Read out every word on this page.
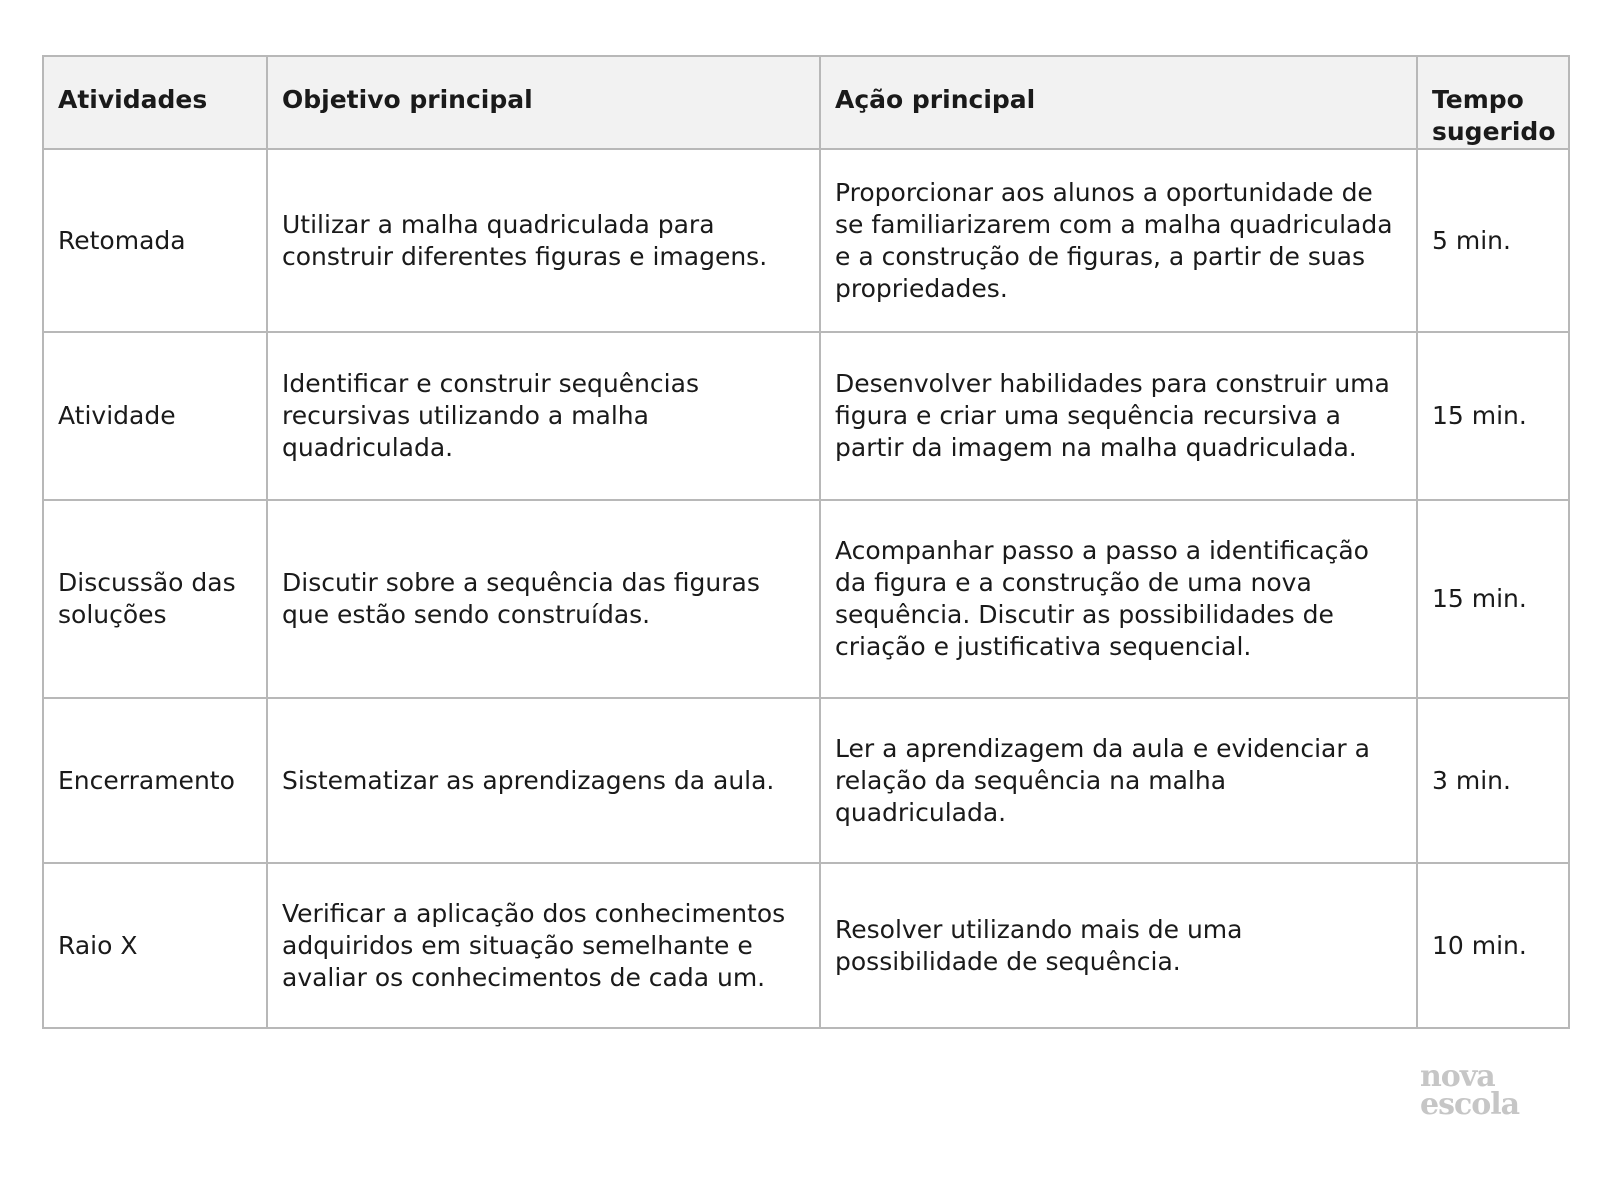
Atividades	Objetivo principal	Ação principal	Tempo sugerido

Retomada	Utilizar a malha quadriculada para construir diferentes figuras e imagens.	Proporcionar aos alunos a oportunidade de se familiarizarem com a malha quadriculada e a construção de figuras, a partir de suas propriedades.	5 min.
Atividade	Identificar e construir sequências recursivas utilizando a malha quadriculada.	Desenvolver habilidades para construir uma figura e criar uma sequência recursiva a partir da imagem na malha quadriculada.	15 min.
Discussão das soluções	Discutir sobre a sequência das figuras que estão sendo construídas.	Acompanhar passo a passo a identificação da figura e a construção de uma nova sequência. Discutir as possibilidades de criação e justificativa sequencial.	15 min.
Encerramento	Sistematizar as aprendizagens da aula.	Ler a aprendizagem da aula e evidenciar a relação da sequência na malha quadriculada.	3 min.
Raio X	Verificar a aplicação dos conhecimentos adquiridos em situação semelhante e avaliar os conhecimentos de cada um.	Resolver utilizando mais de uma possibilidade de sequência.	10 min.
nova
escola
